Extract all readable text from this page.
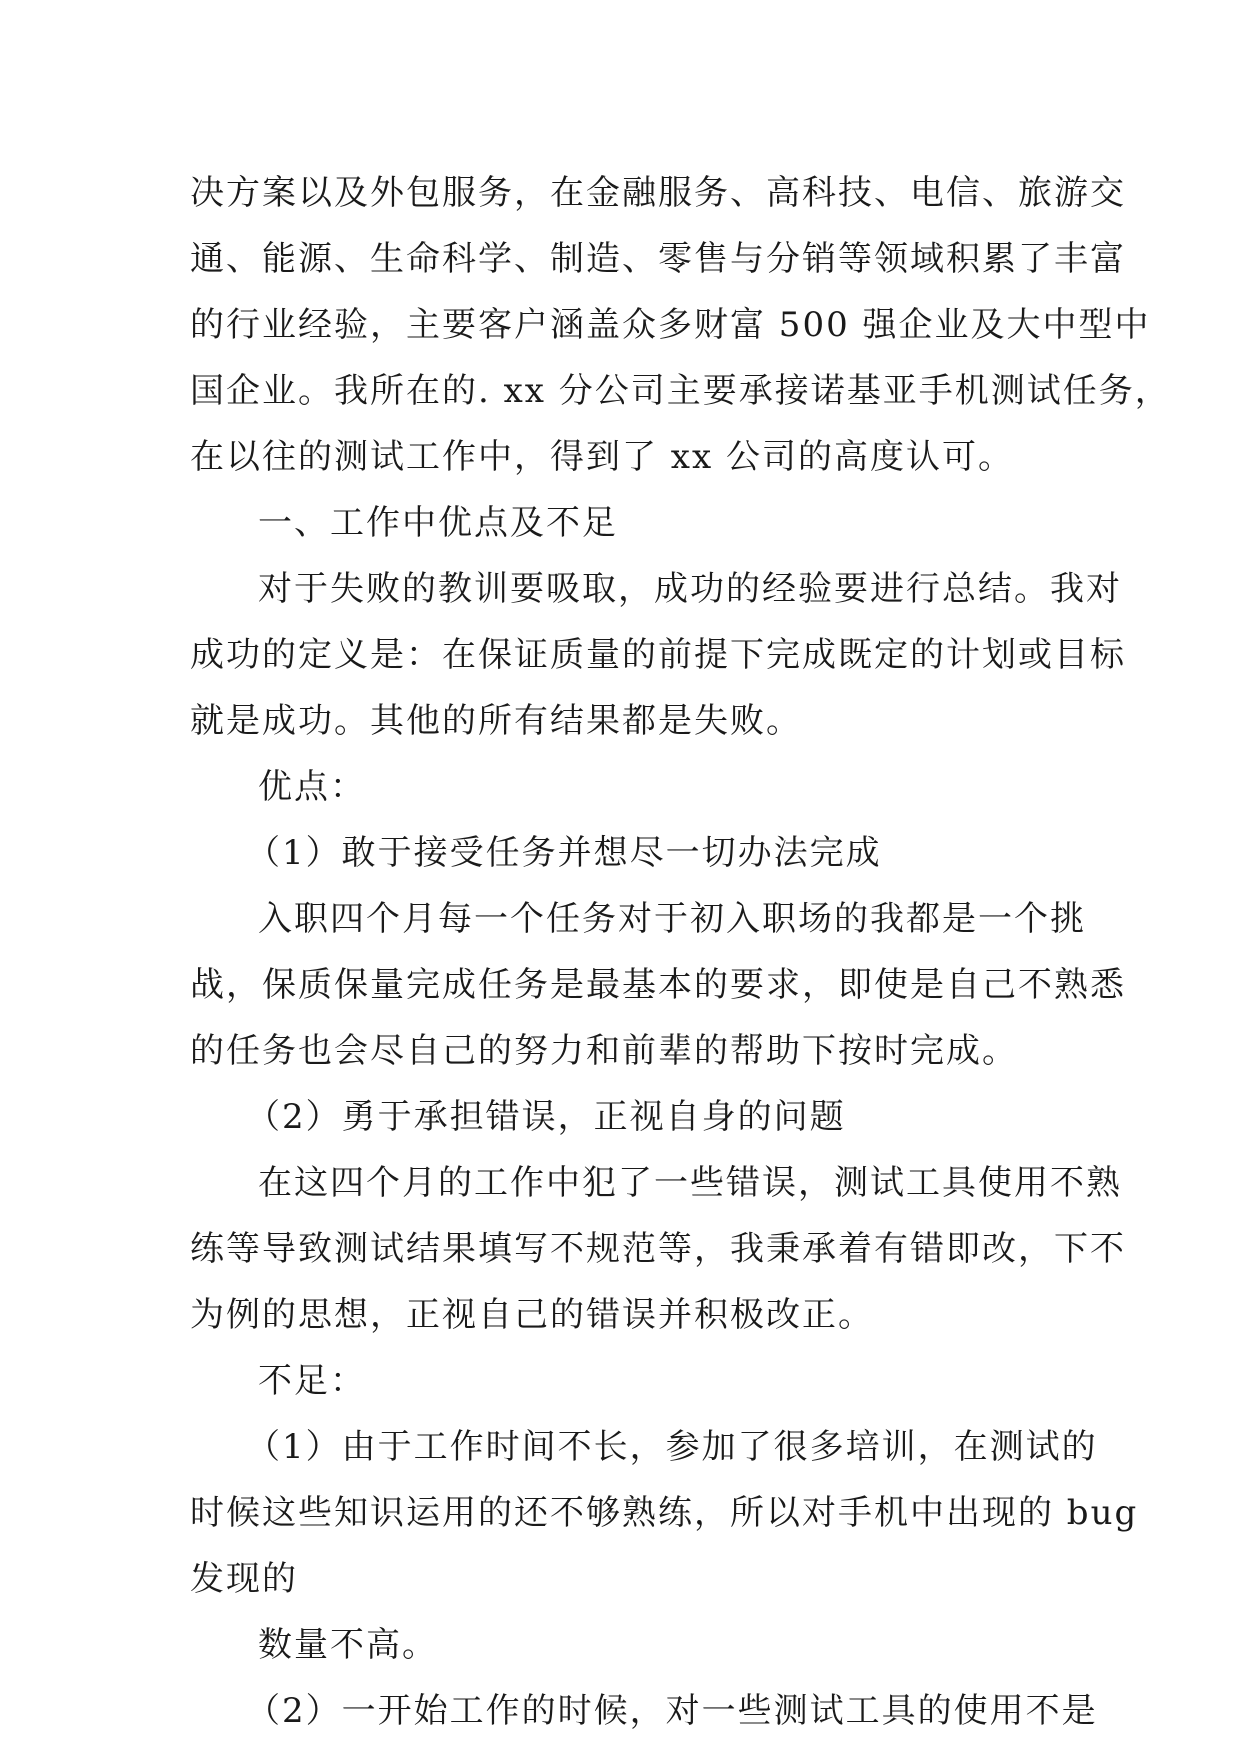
决方案以及外包服务，在金融服务、高科技、电信、旅游交
通、能源、生命科学、制造、零售与分销等领域积累了丰富
的行业经验，主要客户涵盖众多财富 500 强企业及大中型中
国企业。我所在的. xx 分公司主要承接诺基亚手机测试任务，
在以往的测试工作中，得到了 xx 公司的高度认可。
一、工作中优点及不足
对于失败的教训要吸取，成功的经验要进行总结。我对
成功的定义是：在保证质量的前提下完成既定的计划或目标
就是成功。其他的所有结果都是失败。
优点：
（1）敢于接受任务并想尽一切办法完成
入职四个月每一个任务对于初入职场的我都是一个挑
战，保质保量完成任务是最基本的要求，即使是自己不熟悉
的任务也会尽自己的努力和前辈的帮助下按时完成。
（2）勇于承担错误，正视自身的问题
在这四个月的工作中犯了一些错误，测试工具使用不熟
练等导致测试结果填写不规范等，我秉承着有错即改，下不
为例的思想，正视自己的错误并积极改正。
不足：
（1）由于工作时间不长，参加了很多培训，在测试的
时候这些知识运用的还不够熟练，所以对手机中出现的 bug
发现的
数量不高。
（2）一开始工作的时候，对一些测试工具的使用不是
